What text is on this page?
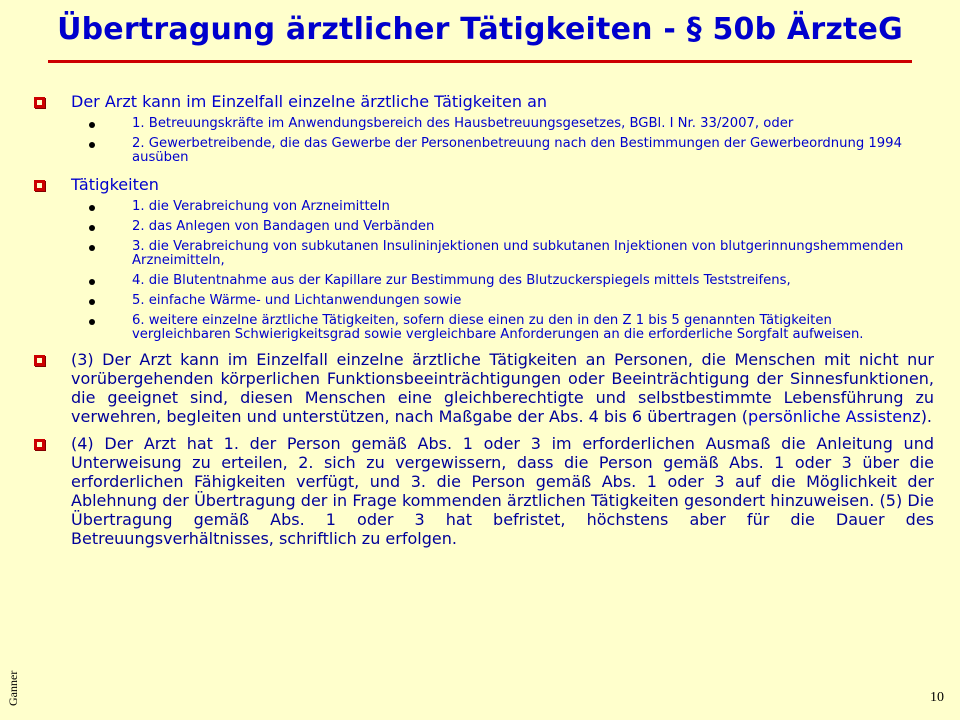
Übertragung ärztlicher Tätigkeiten - § 50b ÄrzteG
Der Arzt kann im Einzelfall einzelne ärztliche Tätigkeiten an
1. Betreuungskräfte im Anwendungsbereich des Hausbetreuungsgesetzes, BGBl. I Nr. 33/2007, oder
2. Gewerbetreibende, die das Gewerbe der Personenbetreuung nach den Bestimmungen der Gewerbeordnung 1994 ausüben
Tätigkeiten
1. die Verabreichung von Arzneimitteln
2. das Anlegen von Bandagen und Verbänden
3. die Verabreichung von subkutanen Insulininjektionen und subkutanen Injektionen von blutgerinnungshemmenden Arzneimitteln,
4. die Blutentnahme aus der Kapillare zur Bestimmung des Blutzuckerspiegels mittels Teststreifens,
5. einfache Wärme- und Lichtanwendungen sowie
6. weitere einzelne ärztliche Tätigkeiten, sofern diese einen zu den in den Z 1 bis 5 genannten Tätigkeiten vergleichbaren Schwierigkeitsgrad sowie vergleichbare Anforderungen an die erforderliche Sorgfalt aufweisen.
(3) Der Arzt kann im Einzelfall einzelne ärztliche Tätigkeiten an Personen, die Menschen mit nicht nur vorübergehenden körperlichen Funktionsbeeinträchtigungen oder Beeinträchtigung der Sinnesfunktionen, die geeignet sind, diesen Menschen eine gleichberechtigte und selbstbestimmte Lebensführung zu verwehren, begleiten und unterstützen, nach Maßgabe der Abs. 4 bis 6 übertragen (persönliche Assistenz).
(4) Der Arzt hat 1. der Person gemäß Abs. 1 oder 3 im erforderlichen Ausmaß die Anleitung und Unterweisung zu erteilen, 2. sich zu vergewissern, dass die Person gemäß Abs. 1 oder 3 über die erforderlichen Fähigkeiten verfügt, und 3. die Person gemäß Abs. 1 oder 3 auf die Möglichkeit der Ablehnung der Übertragung der in Frage kommenden ärztlichen Tätigkeiten gesondert hinzuweisen. (5) Die Übertragung gemäß Abs. 1 oder 3 hat befristet, höchstens aber für die Dauer des Betreuungsverhältnisses, schriftlich zu erfolgen.
Ganner	10
